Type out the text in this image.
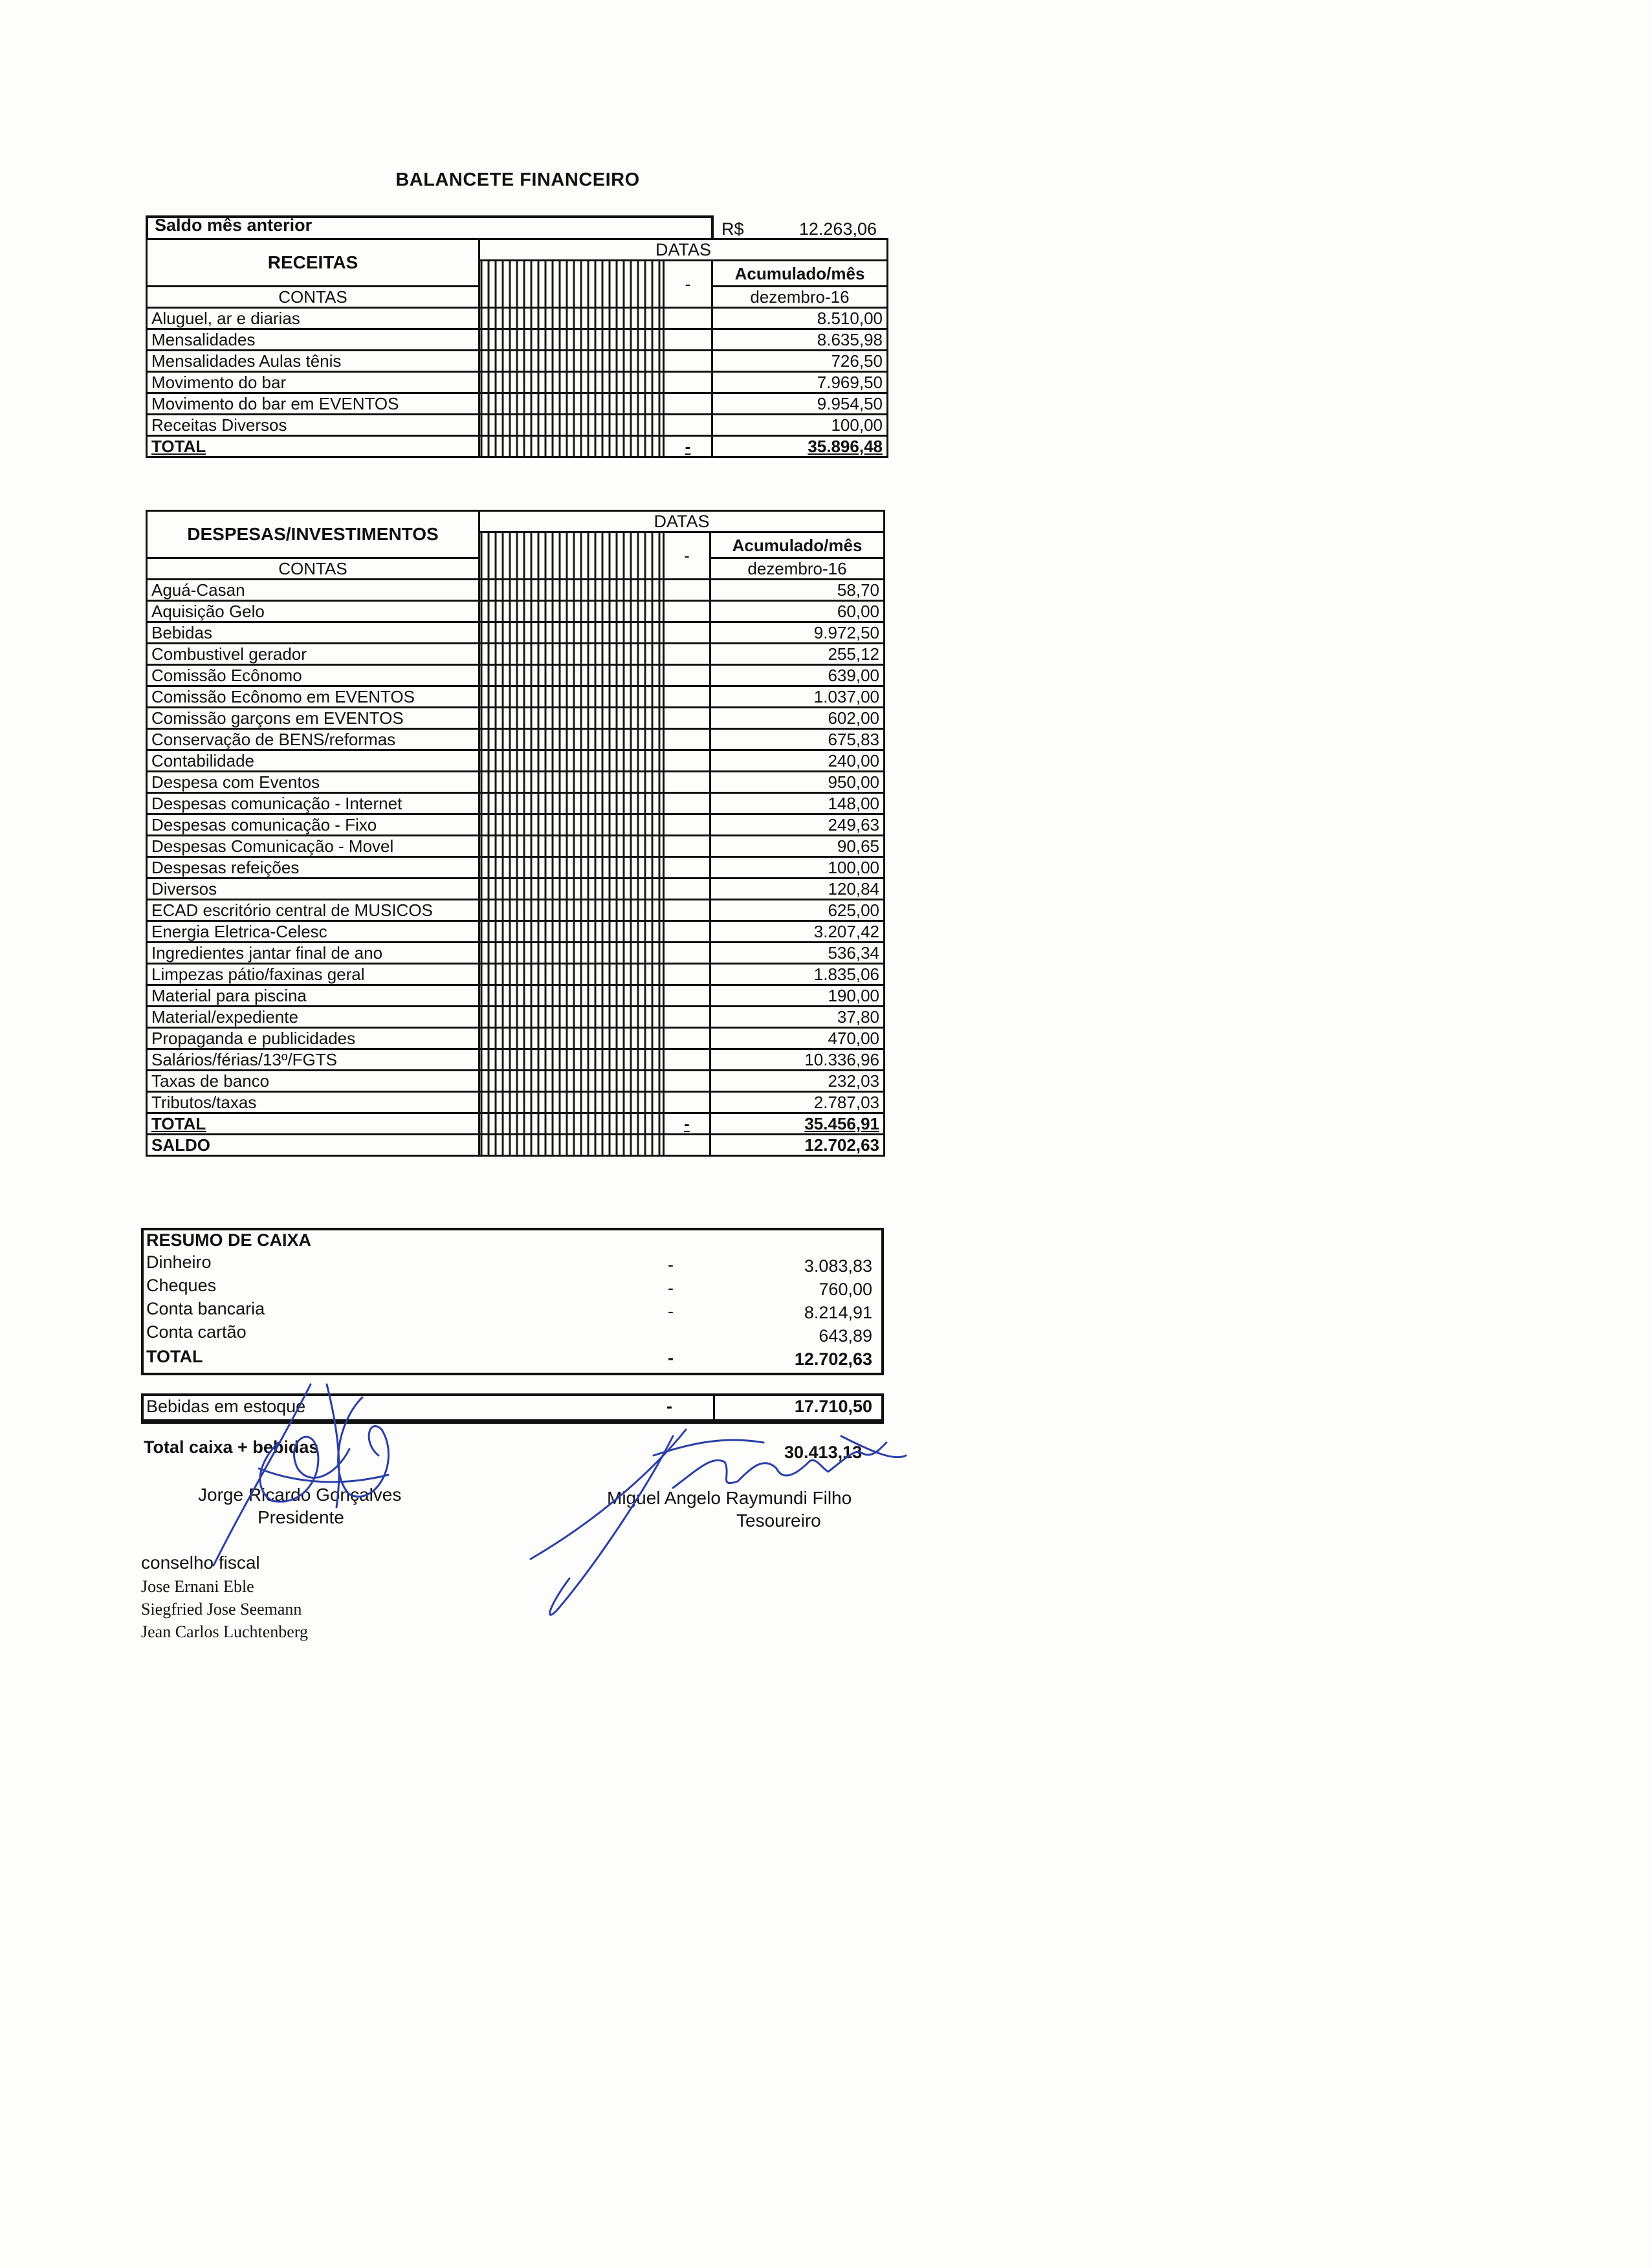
BALANCETE FINANCEIRO
Saldo mês anterior	R$	12.263,06
RECEITAS	DATAS		
		-	Acumulado/mês
CONTAS			dezembro-16
Aluguel, ar e diarias			8.510,00
Mensalidades			8.635,98
Mensalidades Aulas tênis			726,50
Movimento do bar			7.969,50
Movimento do bar em EVENTOS			9.954,50
Receitas Diversos			100,00
TOTAL		-	35.896,48
DESPESAS/INVESTIMENTOS	DATAS		
		-	Acumulado/mês
CONTAS			dezembro-16
Aguá-Casan			58,70
Aquisição Gelo			60,00
Bebidas			9.972,50
Combustivel gerador			255,12
Comissão Ecônomo			639,00
Comissão Ecônomo em EVENTOS			1.037,00
Comissão garçons em EVENTOS			602,00
Conservação de BENS/reformas			675,83
Contabilidade			240,00
Despesa com Eventos			950,00
Despesas comunicação - Internet			148,00
Despesas comunicação - Fixo			249,63
Despesas Comunicação - Movel			90,65
Despesas refeições			100,00
Diversos			120,84
ECAD escritório central de MUSICOS			625,00
Energia Eletrica-Celesc			3.207,42
Ingredientes jantar final de ano			536,34
Limpezas pátio/faxinas geral			1.835,06
Material para piscina			190,00
Material/expediente			37,80
Propaganda e publicidades			470,00
Salários/férias/13º/FGTS			10.336,96
Taxas de banco			232,03
Tributos/taxas			2.787,03
TOTAL		-	35.456,91
SALDO			12.702,63
RESUMO DE CAIXA
Dinheiro	-	3.083,83
Cheques	-	760,00
Conta bancaria	-	8.214,91
Conta cartão	643,89
TOTAL	-	12.702,63
Bebidas em estoque	-	17.710,50
Total caixa + bebidas	30.413,13
Jorge Ricardo Gonçalves
Presidente
Miguel Angelo Raymundi Filho
Tesoureiro
conselho fiscal
Jose Ernani Eble
Siegfried Jose Seemann
Jean Carlos Luchtenberg
